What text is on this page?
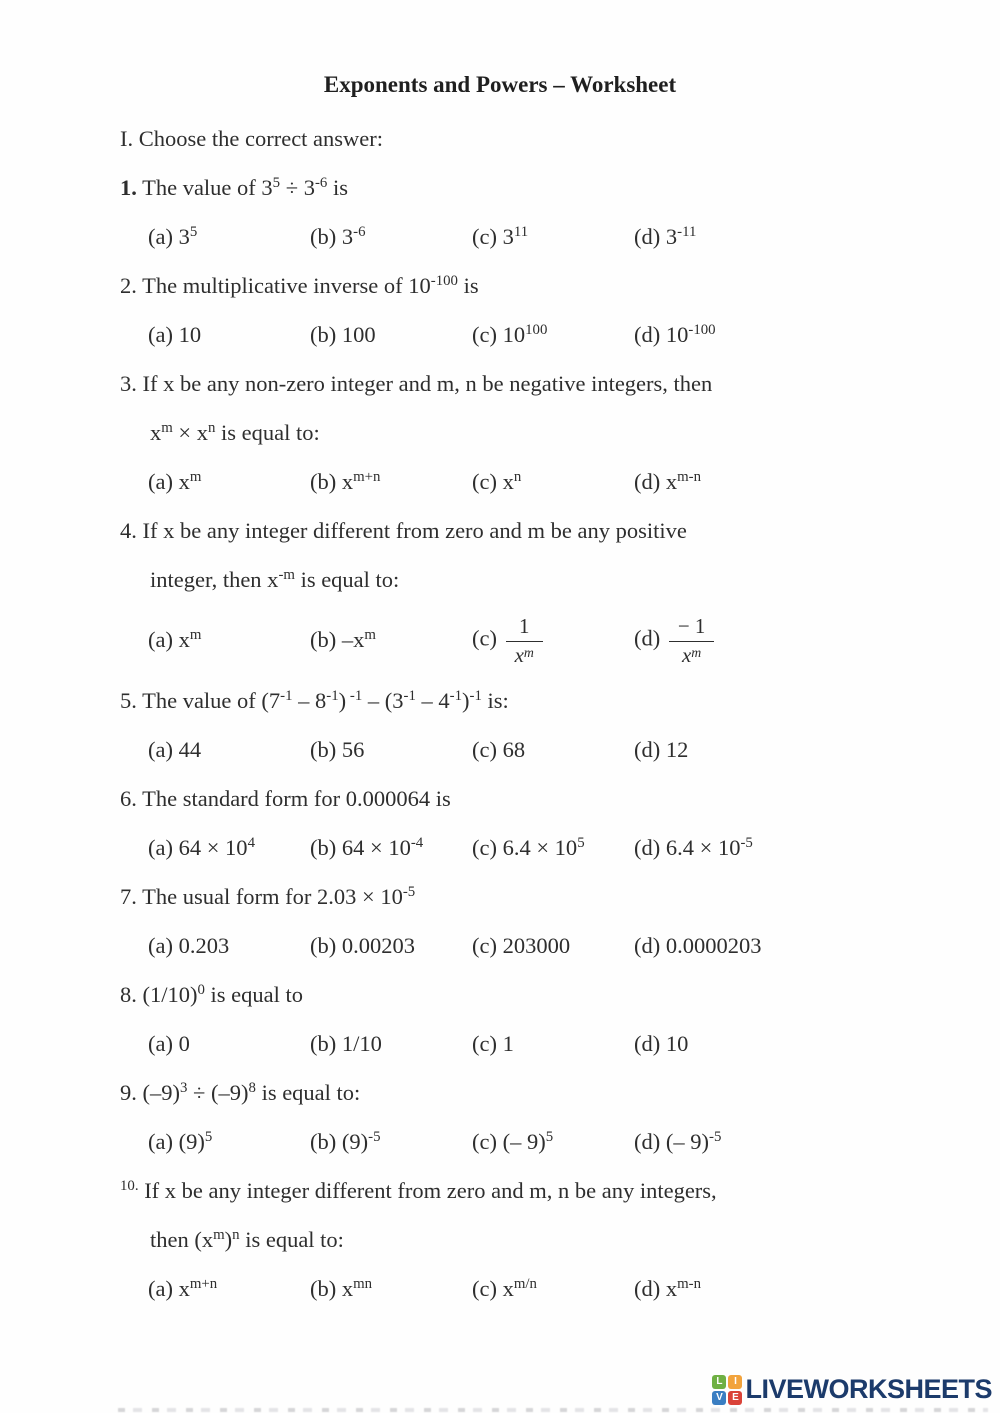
Exponents and Powers – Worksheet
I. Choose the correct answer:
1. The value of $3^5 \div 3^{-6}$ is
(a) $3^5$	(b) $3^{-6}$	(c) $3^{11}$	(d) $3^{-11}$
2. The multiplicative inverse of $10^{-100}$ is
(a) 10	(b) 100	(c) $10^{100}$	(d) $10^{-100}$
3. If x be any non-zero integer and m, n be negative integers, then
$x^m \times x^n$ is equal to:
(a) $x^m$	(b) $x^{m+n}$	(c) $x^n$	(d) $x^{m-n}$
4. If x be any integer different from zero and m be any positive
integer, then $x^{-m}$ is equal to:
(a) $x^m$	(b) $-x^m$	$(c) \frac{1}{x^m}$	$(d) \frac{- 1}{x^m}$
5. The value of $(7^{-1} - 8^{-1})$ $^{-1} - (3^{-1} - 4^{-1})^{-1}$ is:
(a) 44	(b) 56	(c) 68	(d) 12
6. The standard form for 0.000064 is
(a) $64 \times 10^4$	(b) $64 \times 10^{-4}$	(c) $6.4 \times 10^5$	(d) $6.4 \times 10^{-5}$
7. The usual form for $2.03 \times 10^{-5}$
(a) 0.203	(b) 0.00203	(c) 203000	(d) 0.0000203
8. $(1/10)^0$ is equal to
(a) 0	(b) 1/10	(c) 1	(d) 10
9. $(-9)^3 \div (-9)^8$ is equal to:
(a) $(9)^5$	(b) $(9)^{-5}$	(c) (– 9)$^5$	(d) (– 9)$^{-5}$
$^{10.}$ If x be any integer different from zero and m, n be any integers,
then $(x^m)^n$ is equal to:
(a) $x^{m+n}$	(b) $x^{mn}$	(c) $x^{m/n}$	(d) $x^{m-n}$
L	I
V E LIVEWORKSHEETS
